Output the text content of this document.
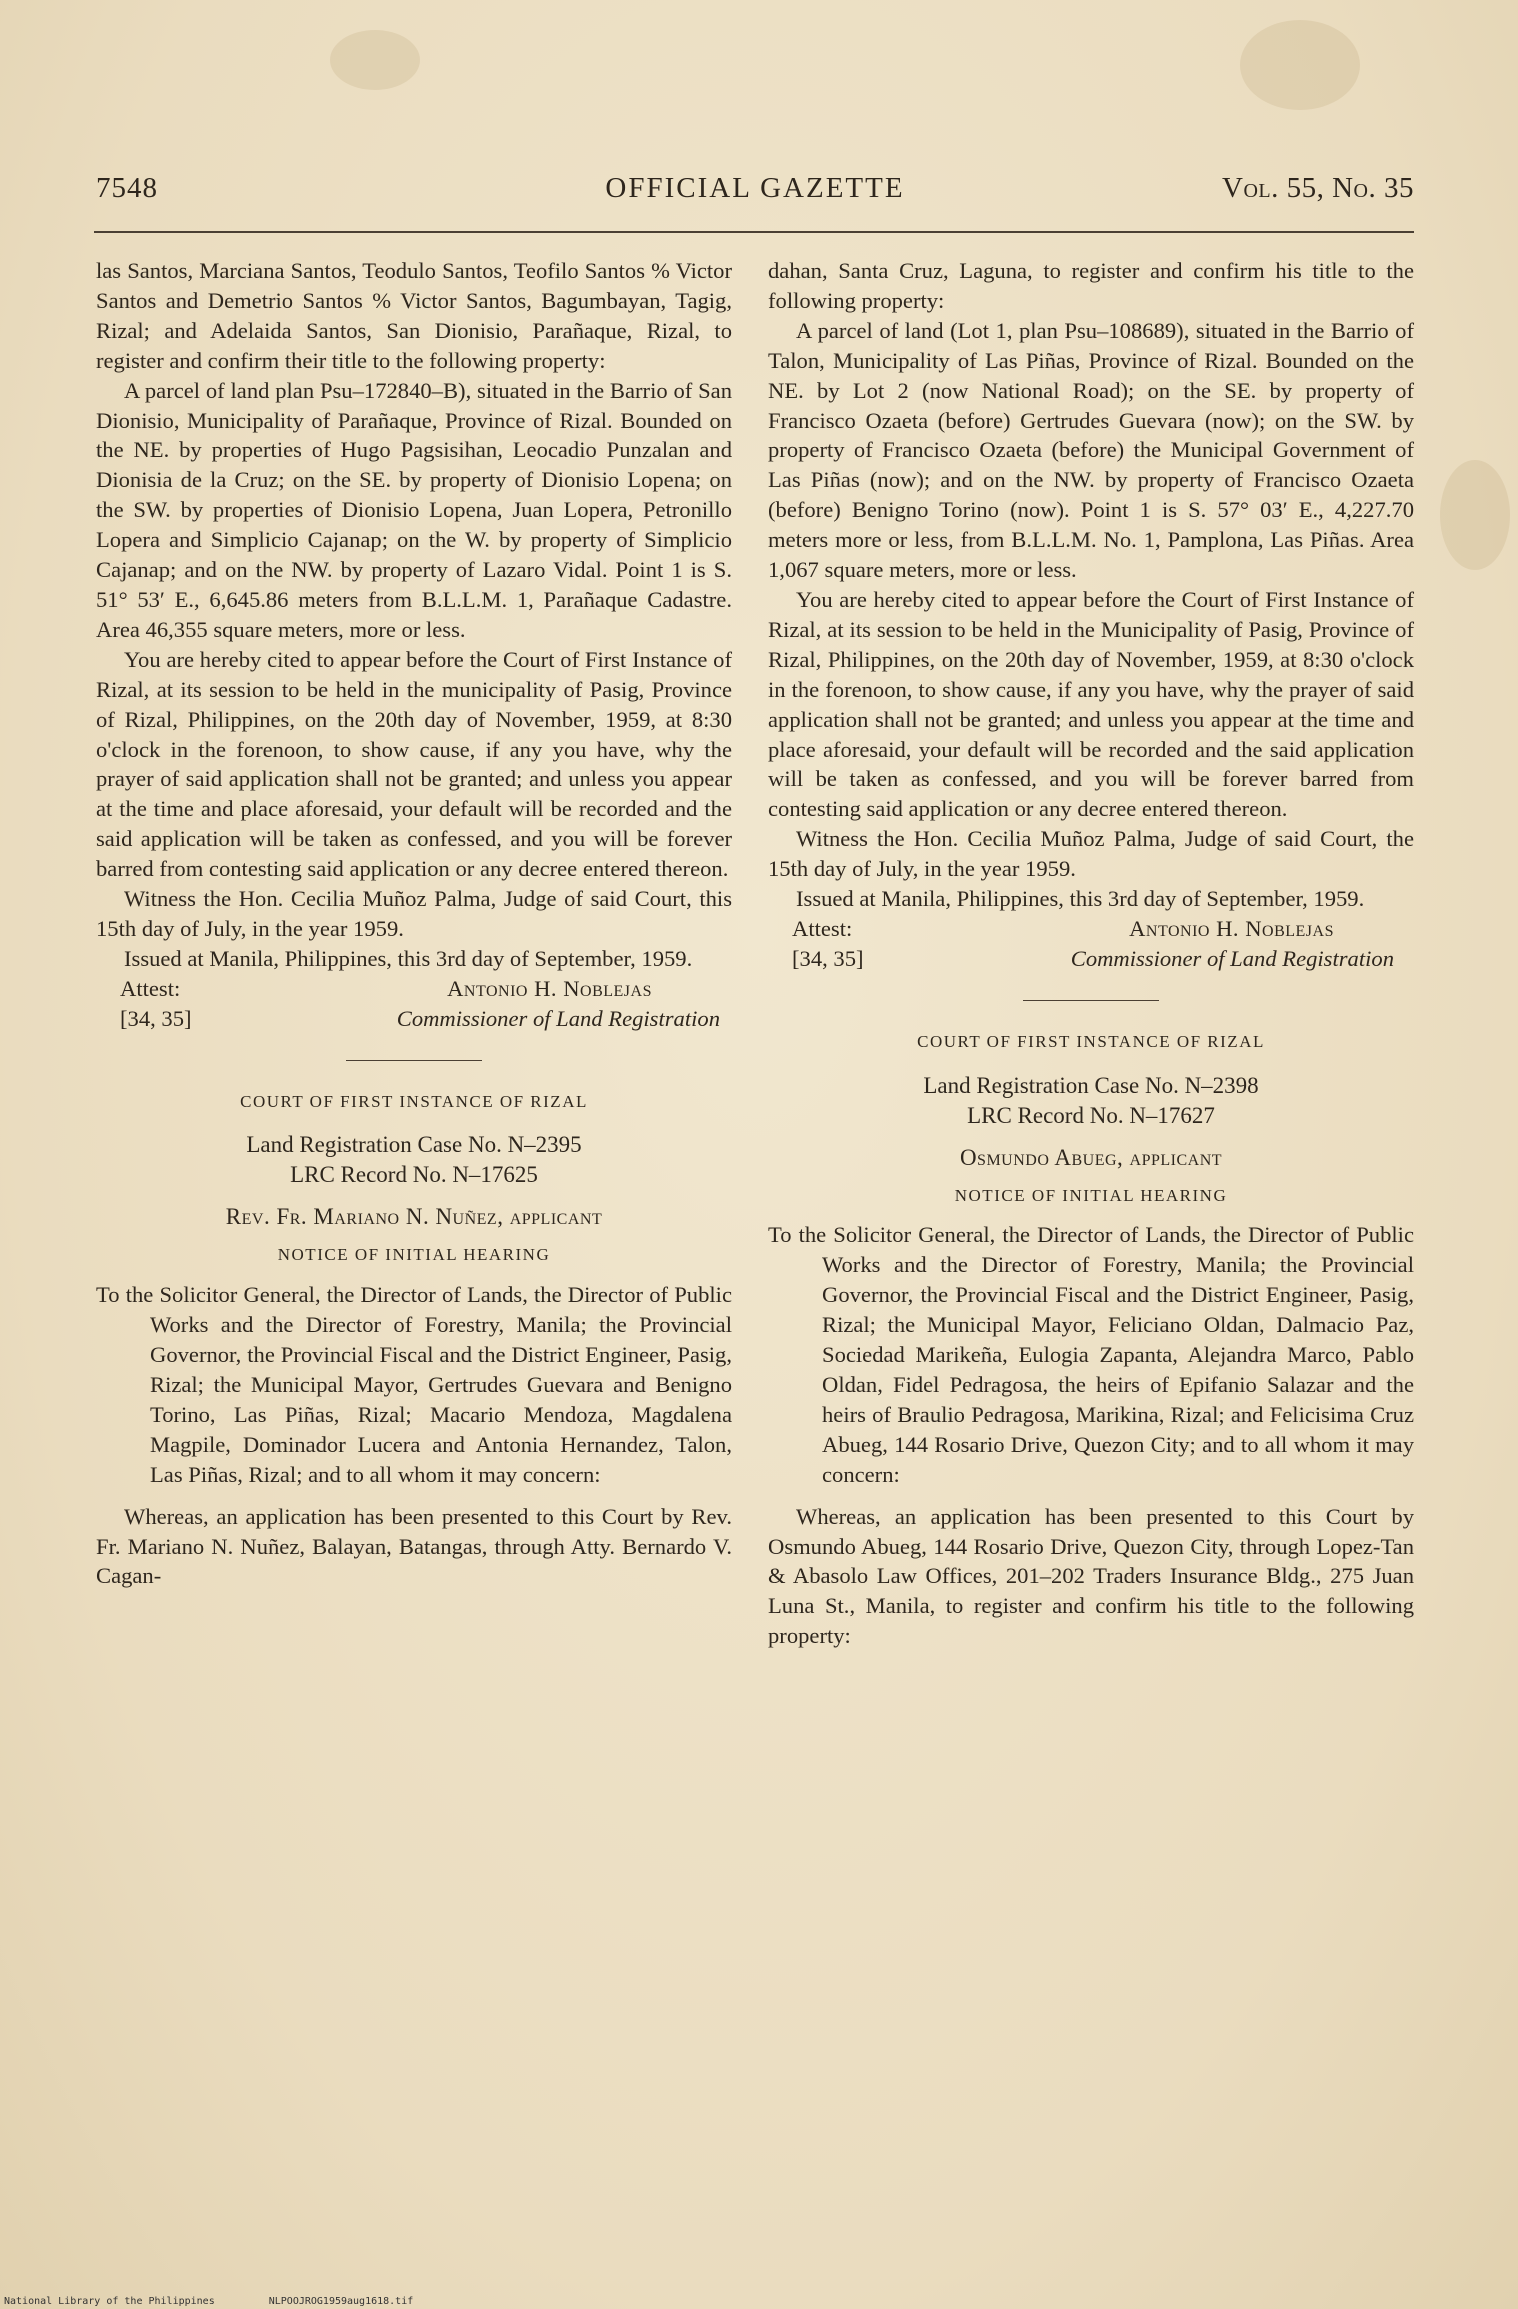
7548	OFFICIAL GAZETTE	Vol. 55, No. 35

las Santos, Marciana Santos, Teodulo Santos, Teofilo Santos % Victor Santos and Demetrio Santos % Victor Santos, Bagumbayan, Tagig, Rizal; and Adelaida Santos, San Dionisio, Parañaque, Rizal, to register and confirm their title to the following property:

A parcel of land plan Psu–172840–B), situated in the Barrio of San Dionisio, Municipality of Parañaque, Province of Rizal. Bounded on the NE. by properties of Hugo Pagsisihan, Leocadio Punzalan and Dionisia de la Cruz; on the SE. by property of Dionisio Lopena; on the SW. by properties of Dionisio Lopena, Juan Lopera, Petronillo Lopera and Simplicio Cajanap; on the W. by property of Simplicio Cajanap; and on the NW. by property of Lazaro Vidal. Point 1 is S. 51° 53′ E., 6,645.86 meters from B.L.L.M. 1, Parañaque Cadastre. Area 46,355 square meters, more or less.

You are hereby cited to appear before the Court of First Instance of Rizal, at its session to be held in the municipality of Pasig, Province of Rizal, Philippines, on the 20th day of November, 1959, at 8:30 o'clock in the forenoon, to show cause, if any you have, why the prayer of said application shall not be granted; and unless you appear at the time and place aforesaid, your default will be recorded and the said application will be taken as confessed, and you will be forever barred from contesting said application or any decree entered thereon.

Witness the Hon. Cecilia Muñoz Palma, Judge of said Court, this 15th day of July, in the year 1959.

Issued at Manila, Philippines, this 3rd day of September, 1959.

Attest:	Antonio H. Noblejas
[34, 35]	Commissioner of Land Registration
COURT OF FIRST INSTANCE OF RIZAL
Land Registration Case No. N–2395
LRC Record No. N–17625
Rev. Fr. Mariano N. Nuñez, applicant
NOTICE OF INITIAL HEARING

To the Solicitor General, the Director of Lands, the Director of Public Works and the Director of Forestry, Manila; the Provincial Governor, the Provincial Fiscal and the District Engineer, Pasig, Rizal; the Municipal Mayor, Gertrudes Guevara and Benigno Torino, Las Piñas, Rizal; Macario Mendoza, Magdalena Magpile, Dominador Lucera and Antonia Hernandez, Talon, Las Piñas, Rizal; and to all whom it may concern:

Whereas, an application has been presented to this Court by Rev. Fr. Mariano N. Nuñez, Balayan, Batangas, through Atty. Bernardo V. Cagan-

dahan, Santa Cruz, Laguna, to register and confirm his title to the following property:

A parcel of land (Lot 1, plan Psu–108689), situated in the Barrio of Talon, Municipality of Las Piñas, Province of Rizal. Bounded on the NE. by Lot 2 (now National Road); on the SE. by property of Francisco Ozaeta (before) Gertrudes Guevara (now); on the SW. by property of Francisco Ozaeta (before) the Municipal Government of Las Piñas (now); and on the NW. by property of Francisco Ozaeta (before) Benigno Torino (now). Point 1 is S. 57° 03′ E., 4,227.70 meters more or less, from B.L.L.M. No. 1, Pamplona, Las Piñas. Area 1,067 square meters, more or less.

You are hereby cited to appear before the Court of First Instance of Rizal, at its session to be held in the Municipality of Pasig, Province of Rizal, Philippines, on the 20th day of November, 1959, at 8:30 o'clock in the forenoon, to show cause, if any you have, why the prayer of said application shall not be granted; and unless you appear at the time and place aforesaid, your default will be recorded and the said application will be taken as confessed, and you will be forever barred from contesting said application or any decree entered thereon.

Witness the Hon. Cecilia Muñoz Palma, Judge of said Court, the 15th day of July, in the year 1959.

Issued at Manila, Philippines, this 3rd day of September, 1959.

Attest:	Antonio H. Noblejas
[34, 35]	Commissioner of Land Registration
COURT OF FIRST INSTANCE OF RIZAL
Land Registration Case No. N–2398
LRC Record No. N–17627
Osmundo Abueg, applicant
NOTICE OF INITIAL HEARING

To the Solicitor General, the Director of Lands, the Director of Public Works and the Director of Forestry, Manila; the Provincial Governor, the Provincial Fiscal and the District Engineer, Pasig, Rizal; the Municipal Mayor, Feliciano Oldan, Dalmacio Paz, Sociedad Marikeña, Eulogia Zapanta, Alejandra Marco, Pablo Oldan, Fidel Pedragosa, the heirs of Epifanio Salazar and the heirs of Braulio Pedragosa, Marikina, Rizal; and Felicisima Cruz Abueg, 144 Rosario Drive, Quezon City; and to all whom it may concern:

Whereas, an application has been presented to this Court by Osmundo Abueg, 144 Rosario Drive, Quezon City, through Lopez-Tan & Abasolo Law Offices, 201–202 Traders Insurance Bldg., 275 Juan Luna St., Manila, to register and confirm his title to the following property:

National Library of the Philippines	NLPOOJROG1959aug1618.tif
